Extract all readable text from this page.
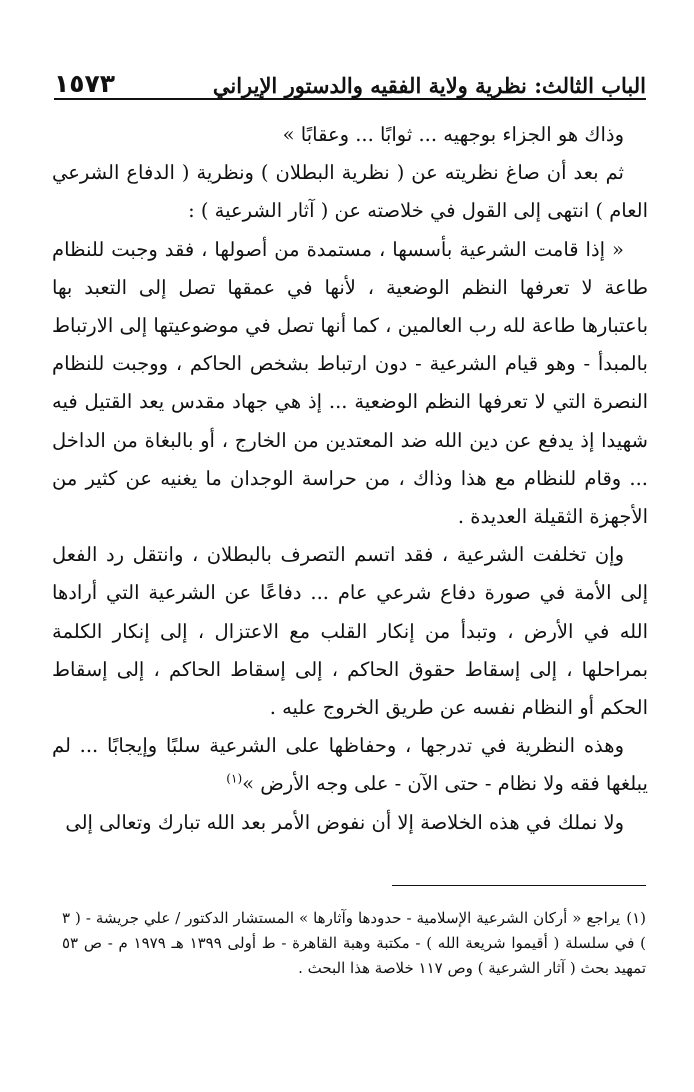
الباب الثالث: نظرية ولاية الفقيه والدستور الإيراني
١٥٧٣

وذاك هو الجزاء بوجهيه ... ثوابًا ... وعقابًا »

ثم بعد أن صاغ نظريته عن ( نظرية البطلان ) ونظرية ( الدفاع الشرعي العام ) انتهى إلى القول في خلاصته عن ( آثار الشرعية ) :

« إذا قامت الشرعية بأسسها ، مستمدة من أصولها ، فقد وجبت للنظام طاعة لا تعرفها النظم الوضعية ، لأنها في عمقها تصل إلى التعبد بها باعتبارها طاعة لله رب العالمين ، كما أنها تصل في موضوعيتها إلى الارتباط بالمبدأ - وهو قيام الشرعية - دون ارتباط بشخص الحاكم ، ووجبت للنظام النصرة التي لا تعرفها النظم الوضعية ... إذ هي جهاد مقدس يعد القتيل فيه شهيدا إذ يدفع عن دين الله ضد المعتدين من الخارج ، أو بالبغاة من الداخل ... وقام للنظام مع هذا وذاك ، من حراسة الوجدان ما يغنيه عن كثير من الأجهزة الثقيلة العديدة .

وإن تخلفت الشرعية ، فقد اتسم التصرف بالبطلان ، وانتقل رد الفعل إلى الأمة في صورة دفاع شرعي عام ... دفاعًا عن الشرعية التي أرادها الله في الأرض ، وتبدأ من إنكار القلب مع الاعتزال ، إلى إنكار الكلمة بمراحلها ، إلى إسقاط حقوق الحاكم ، إلى إسقاط الحاكم ، إلى إسقاط الحكم أو النظام نفسه عن طريق الخروج عليه .

وهذه النظرية في تدرجها ، وحفاظها على الشرعية سلبًا وإيجابًا ... لم يبلغها فقه ولا نظام - حتى الآن - على وجه الأرض »$^{(١)}$

ولا نملك في هذه الخلاصة إلا أن نفوض الأمر بعد الله تبارك وتعالى إلى

(١)يراجع « أركان الشرعية الإسلامية - حدودها وآثارها » المستشار الدكتور / علي جريشة - ( ٣ ) في سلسلة ( أقيموا شريعة الله ) - مكتبة وهبة القاهرة - ط أولى ١٣٩٩ هـ ١٩٧٩ م - ص ٥٣ تمهيد بحث ( آثار الشرعية ) وص ١١٧ خلاصة هذا البحث .
